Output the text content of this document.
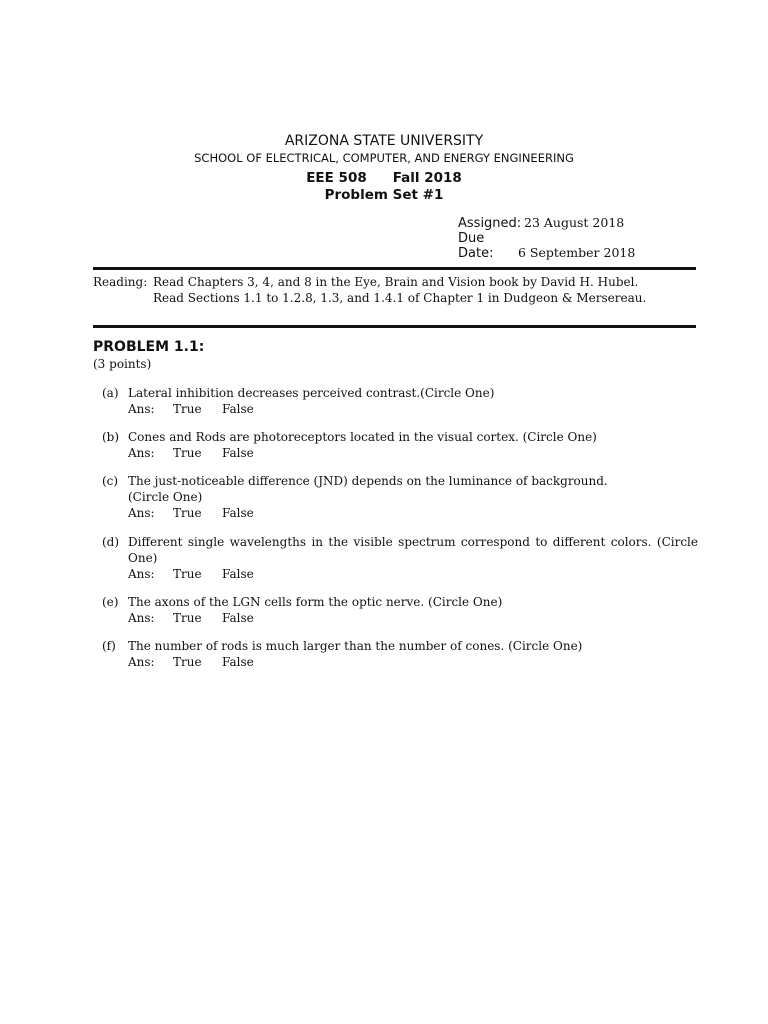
ARIZONA STATE UNIVERSITY
SCHOOL OF ELECTRICAL, COMPUTER, AND ENERGY ENGINEERING
EEE 508 Fall 2018
Problem Set #1
Assigned: 23 August 2018
Due Date: 6 September 2018
Reading: Read Chapters 3, 4, and 8 in the Eye, Brain and Vision book by David H. Hubel.
Read Sections 1.1 to 1.2.8, 1.3, and 1.4.1 of Chapter 1 in Dudgeon & Mersereau.
PROBLEM 1.1:
(3 points)
(a) Lateral inhibition decreases perceived contrast.(Circle One)
Ans: True False
(b) Cones and Rods are photoreceptors located in the visual cortex. (Circle One)
Ans: True False
(c) The just-noticeable difference (JND) depends on the luminance of background. (Circle One)
Ans: True False
(d) Different single wavelengths in the visible spectrum correspond to different colors. (Circle One)
Ans: True False
(e) The axons of the LGN cells form the optic nerve. (Circle One)
Ans: True False
(f) The number of rods is much larger than the number of cones. (Circle One)
Ans: True False
